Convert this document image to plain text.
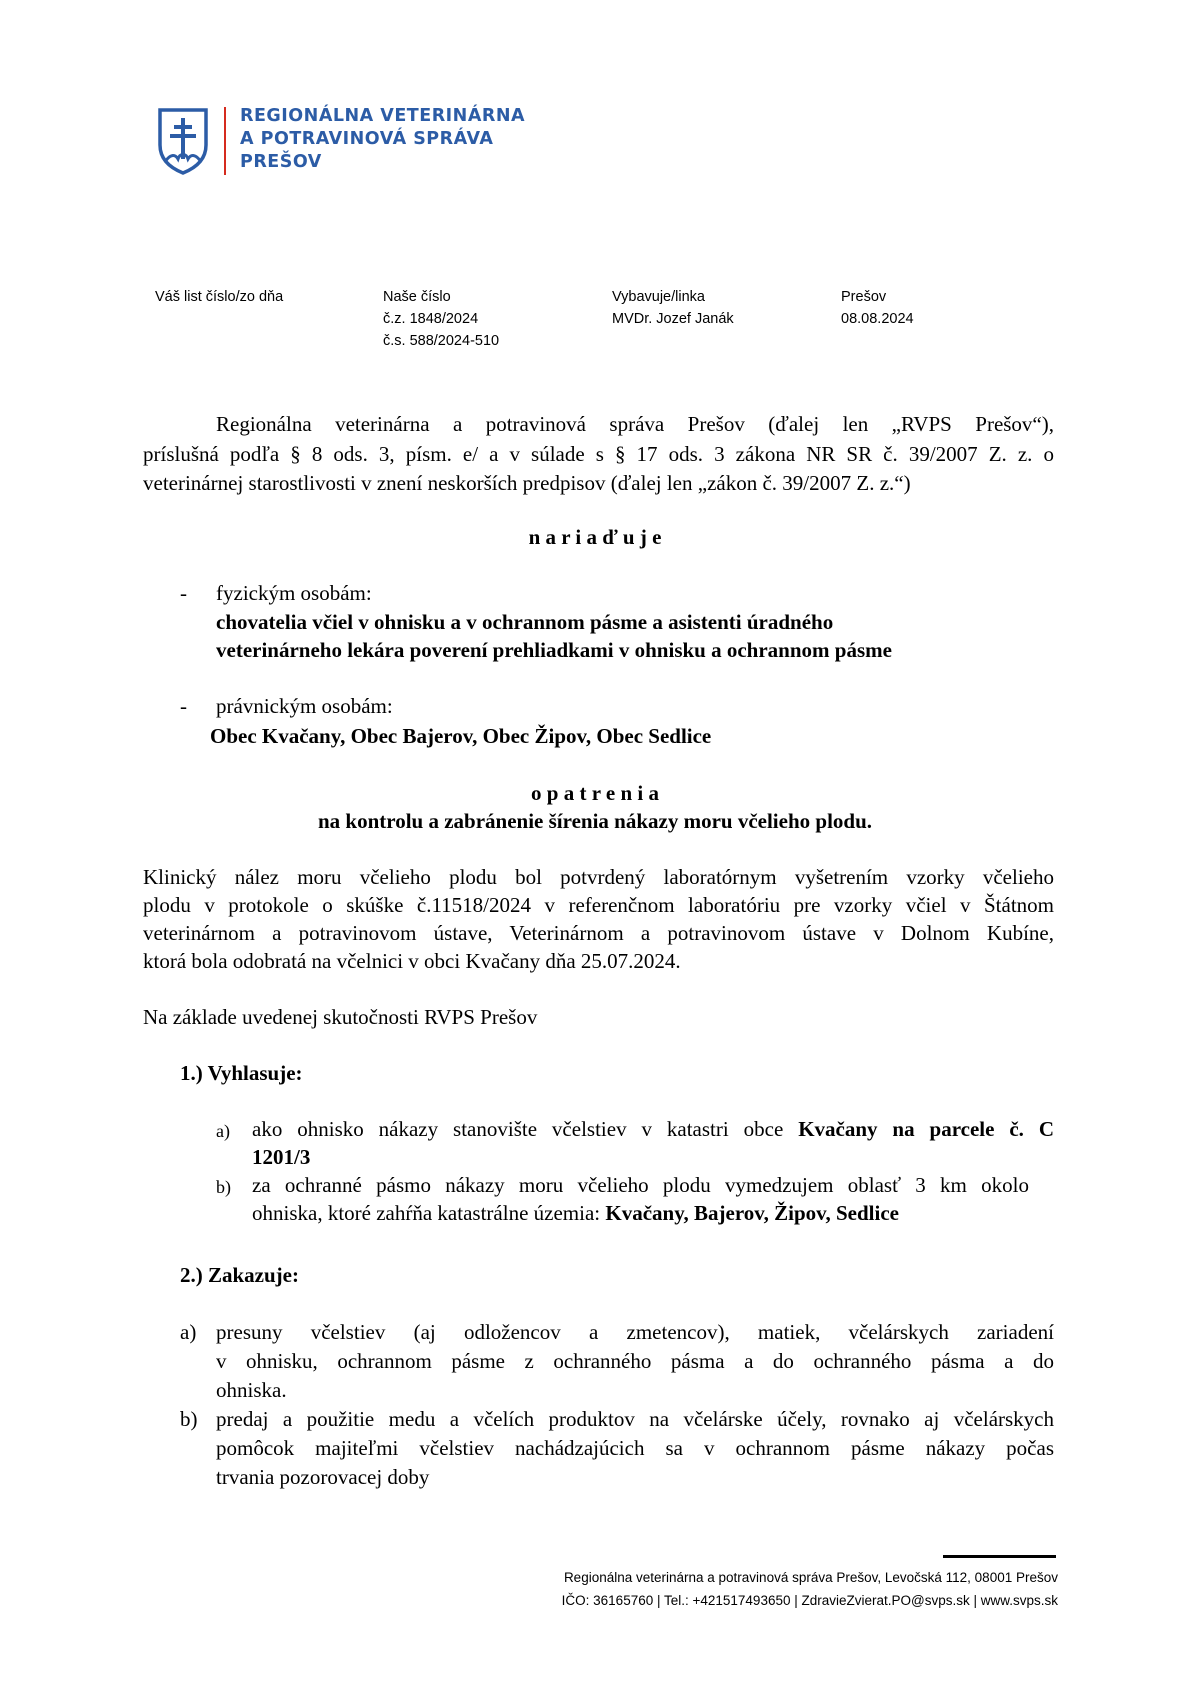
REGIONÁLNA VETERINÁRNA
A POTRAVINOVÁ SPRÁVA
PREŠOV
Váš list číslo/zo dňa	Naše číslo
č.z. 1848/2024
č.s. 588/2024-510
Vybavuje/linka
MVDr. Jozef Janák
Prešov
08.08.2024
Regionálna veterinárna a potravinová správa Prešov (ďalej len „RVPS Prešov“),
príslušná podľa § 8 ods. 3, písm. e/ a v súlade s § 17 ods. 3 zákona NR SR č. 39/2007 Z. z. o
veterinárnej starostlivosti v znení neskorších predpisov (ďalej len „zákon č. 39/2007 Z. z.“)
n a r i a ď u j e
- fyzickým osobám:
chovatelia včiel v ohnisku a v ochrannom pásme a asistenti úradného
veterinárneho lekára poverení prehliadkami v ohnisku a ochrannom pásme
- právnickým osobám:
Obec Kvačany, Obec Bajerov, Obec Žipov, Obec Sedlice
o p a t r e n i a
na kontrolu a zabránenie šírenia nákazy moru včelieho plodu.
Klinický nález moru včelieho plodu bol potvrdený laboratórnym vyšetrením vzorky včelieho
plodu v protokole o skúške č.11518/2024 v referenčnom laboratóriu pre vzorky včiel v Štátnom
veterinárnom a potravinovom ústave, Veterinárnom a potravinovom ústave v Dolnom Kubíne,
ktorá bola odobratá na včelnici v obci Kvačany dňa 25.07.2024.
Na základe uvedenej skutočnosti RVPS Prešov
1.) Vyhlasuje:
a) ako ohnisko nákazy stanovište včelstiev v katastri obce Kvačany na parcele č. C
1201/3
b) za ochranné pásmo nákazy moru včelieho plodu vymedzujem oblasť 3 km okolo
ohniska, ktoré zahŕňa katastrálne územia: Kvačany, Bajerov, Žipov, Sedlice
2.) Zakazuje:
a) presuny včelstiev (aj odložencov a zmetencov), matiek, včelárskych zariadení
v ohnisku, ochrannom pásme z ochranného pásma a do ochranného pásma a do
ohniska.
b) predaj a použitie medu a včelích produktov na včelárske účely, rovnako aj včelárskych
pomôcok majiteľmi včelstiev nachádzajúcich sa v ochrannom pásme nákazy počas
trvania pozorovacej doby
Regionálna veterinárna a potravinová správa Prešov, Levočská 112, 08001 Prešov
IČO: 36165760 | Tel.: +421517493650 | ZdravieZvierat.PO@svps.sk | www.svps.sk
